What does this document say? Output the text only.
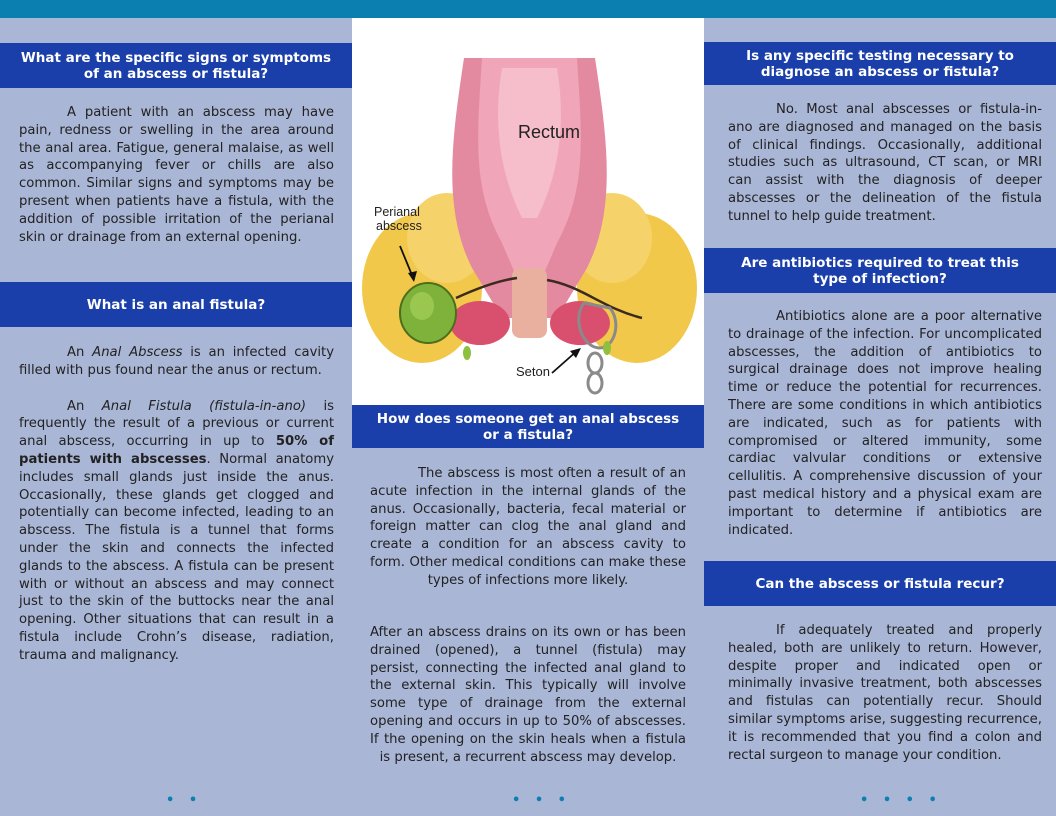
What are the specific signs or symptoms of an abscess or fistula?

A patient with an abscess may have pain, redness or swelling in the area around the anal area. Fatigue, general malaise, as well as accompanying fever or chills are also common. Similar signs and symptoms may be present when patients have a fistula, with the addition of possible irritation of the perianal skin or drainage from an external opening.

What is an anal fistula?

An Anal Abscess is an infected cavity filled with pus found near the anus or rectum.

An Anal Fistula (fistula-in-ano) is frequently the result of a previous or current anal abscess, occurring in up to 50% of patients with abscesses. Normal anatomy includes small glands just inside the anus. Occasionally, these glands get clogged and potentially can become infected, leading to an abscess. The fistula is a tunnel that forms under the skin and connects the infected glands to the abscess. A fistula can be present with or without an abscess and may connect just to the skin of the buttocks near the anal opening. Other situations that can result in a fistula include Crohn’s disease, radiation, trauma and malignancy.

• •
Rectum
Perianal
abscess
Seton
How does someone get an anal abscess or a fistula?

The abscess is most often a result of an acute infection in the internal glands of the anus. Occasionally, bacteria, fecal material or foreign matter can clog the anal gland and create a condition for an abscess cavity to form. Other medical conditions can make these types of infections more likely.

After an abscess drains on its own or has been drained (opened), a tunnel (fistula) may persist, connecting the infected anal gland to the external skin. This typically will involve some type of drainage from the external opening and occurs in up to 50% of abscesses. If the opening on the skin heals when a fistula is present, a recurrent abscess may develop.

• • •
Is any specific testing necessary to diagnose an abscess or fistula?

No. Most anal abscesses or fistula-in-ano are diagnosed and managed on the basis of clinical findings. Occasionally, additional studies such as ultrasound, CT scan, or MRI can assist with the diagnosis of deeper abscesses or the delineation of the fistula tunnel to help guide treatment.

Are antibiotics required to treat this type of infection?

Antibiotics alone are a poor alternative to drainage of the infection. For uncomplicated abscesses, the addition of antibiotics to surgical drainage does not improve healing time or reduce the potential for recurrences. There are some conditions in which antibiotics are indicated, such as for patients with compromised or altered immunity, some cardiac valvular conditions or extensive cellulitis. A comprehensive discussion of your past medical history and a physical exam are important to determine if antibiotics are indicated.

Can the abscess or fistula recur?

If adequately treated and properly healed, both are unlikely to return. However, despite proper and indicated open or minimally invasive treatment, both abscesses and fistulas can potentially recur. Should similar symptoms arise, suggesting recurrence, it is recommended that you find a colon and rectal surgeon to manage your condition.

• • • •
